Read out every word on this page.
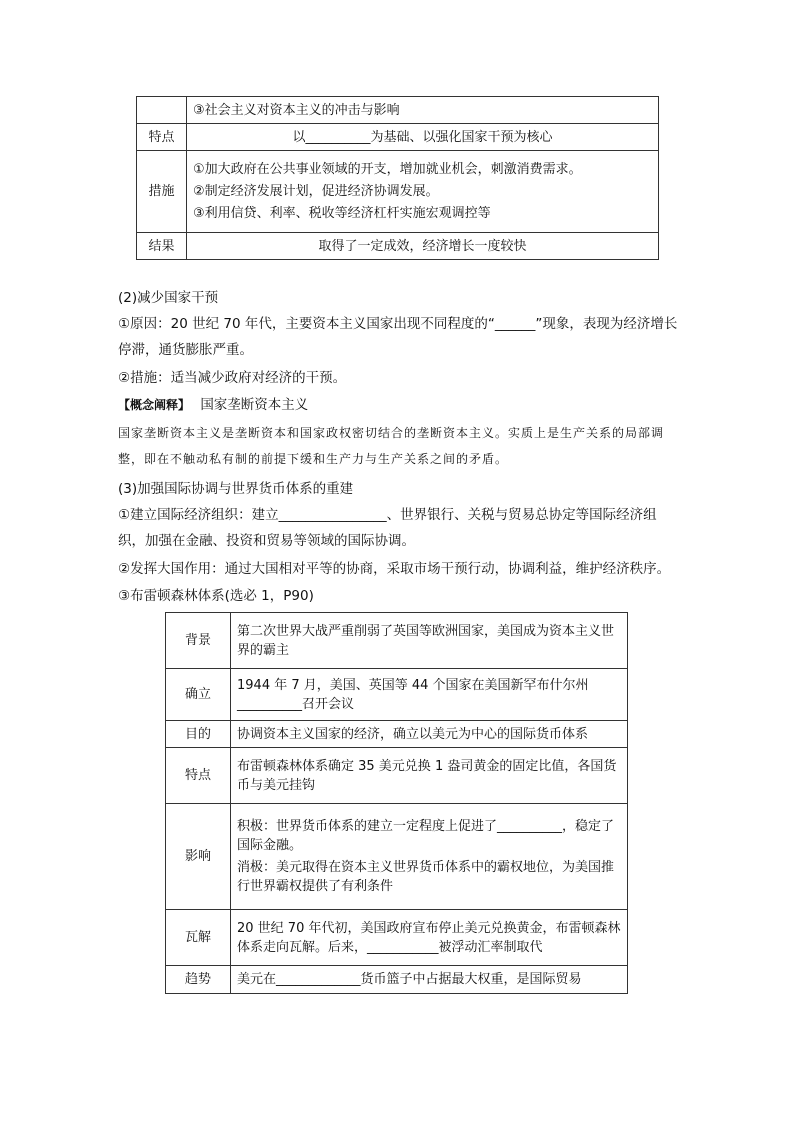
	③社会主义对资本主义的冲击与影响
特点	以__________为基础、以强化国家干预为核心
措施	①加大政府在公共事业领域的开支，增加就业机会，刺激消费需求。
②制定经济发展计划，促进经济协调发展。
③利用信贷、利率、税收等经济杠杆实施宏观调控等

结果	取得了一定成效，经济增长一度较快
(2)减少国家干预
①原因：20 世纪 70 年代，主要资本主义国家出现不同程度的“______”现象，表现为经济增长停滞，通货膨胀严重。
②措施：适当减少政府对经济的干预。
【概念阐释】 国家垄断资本主义
国家垄断资本主义是垄断资本和国家政权密切结合的垄断资本主义。实质上是生产关系的局部调整，即在不触动私有制的前提下缓和生产力与生产关系之间的矛盾。
(3)加强国际协调与世界货币体系的重建
①建立国际经济组织：建立________________、世界银行、关税与贸易总协定等国际经济组织，加强在金融、投资和贸易等领域的国际协调。
②发挥大国作用：通过大国相对平等的协商，采取市场干预行动，协调利益，维护经济秩序。
③布雷顿森林体系(选必 1，P90)
背景	第二次世界大战严重削弱了英国等欧洲国家，美国成为资本主义世界的霸主
确立	1944 年 7 月，美国、英国等 44 个国家在美国新罕布什尔州__________召开会议
目的	协调资本主义国家的经济，确立以美元为中心的国际货币体系
特点	布雷顿森林体系确定 35 美元兑换 1 盎司黄金的固定比值，各国货币与美元挂钩
影响	积极：世界货币体系的建立一定程度上促进了__________，稳定了国际金融。
消极：美元取得在资本主义世界货币体系中的霸权地位，为美国推行世界霸权提供了有利条件

瓦解	20 世纪 70 年代初，美国政府宣布停止美元兑换黄金，布雷顿森林体系走向瓦解。后来，___________被浮动汇率制取代
趋势	美元在_____________货币篮子中占据最大权重，是国际贸易
